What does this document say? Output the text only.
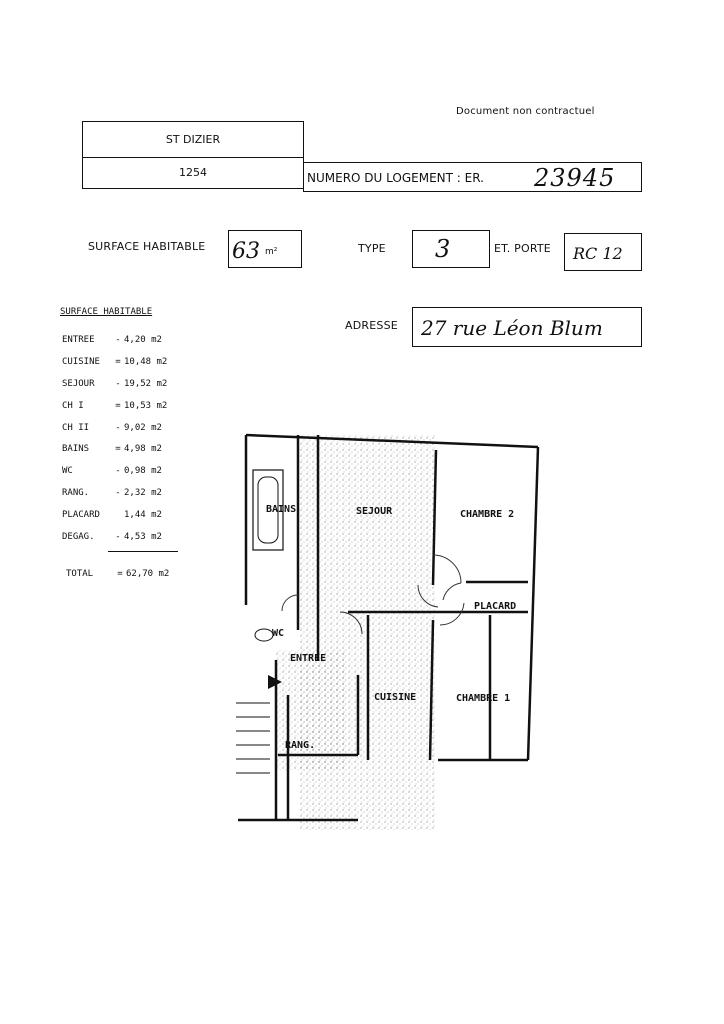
Document non contractuel
ST DIZIER
1254	NUMERO DU LOGEMENT : ER. 23945
SURFACE HABITABLE 63 m²	TYPE 3	ET. PORTE RC 12
ADRESSE 27 rue Léon Blum
SURFACE HABITABLE
ENTREE - 4,20 m2
CUISINE = 10,48 m2
SEJOUR - 19,52 m2
CH I	= 10,53 m2
CH II	- 9,02 m2
BAINS	= 4,98 m2
WC	- 0,98 m2
RANG.	- 2,32 m2
PLACARD	1,44 m2
DEGAG. - 4,53 m2
TOTAL	= 62,70 m2
BAINS	SEJOUR	CHAMBRE 2
PLACARD
WC
ENTREE
CUISINE	CHAMBRE 1
RANG.
